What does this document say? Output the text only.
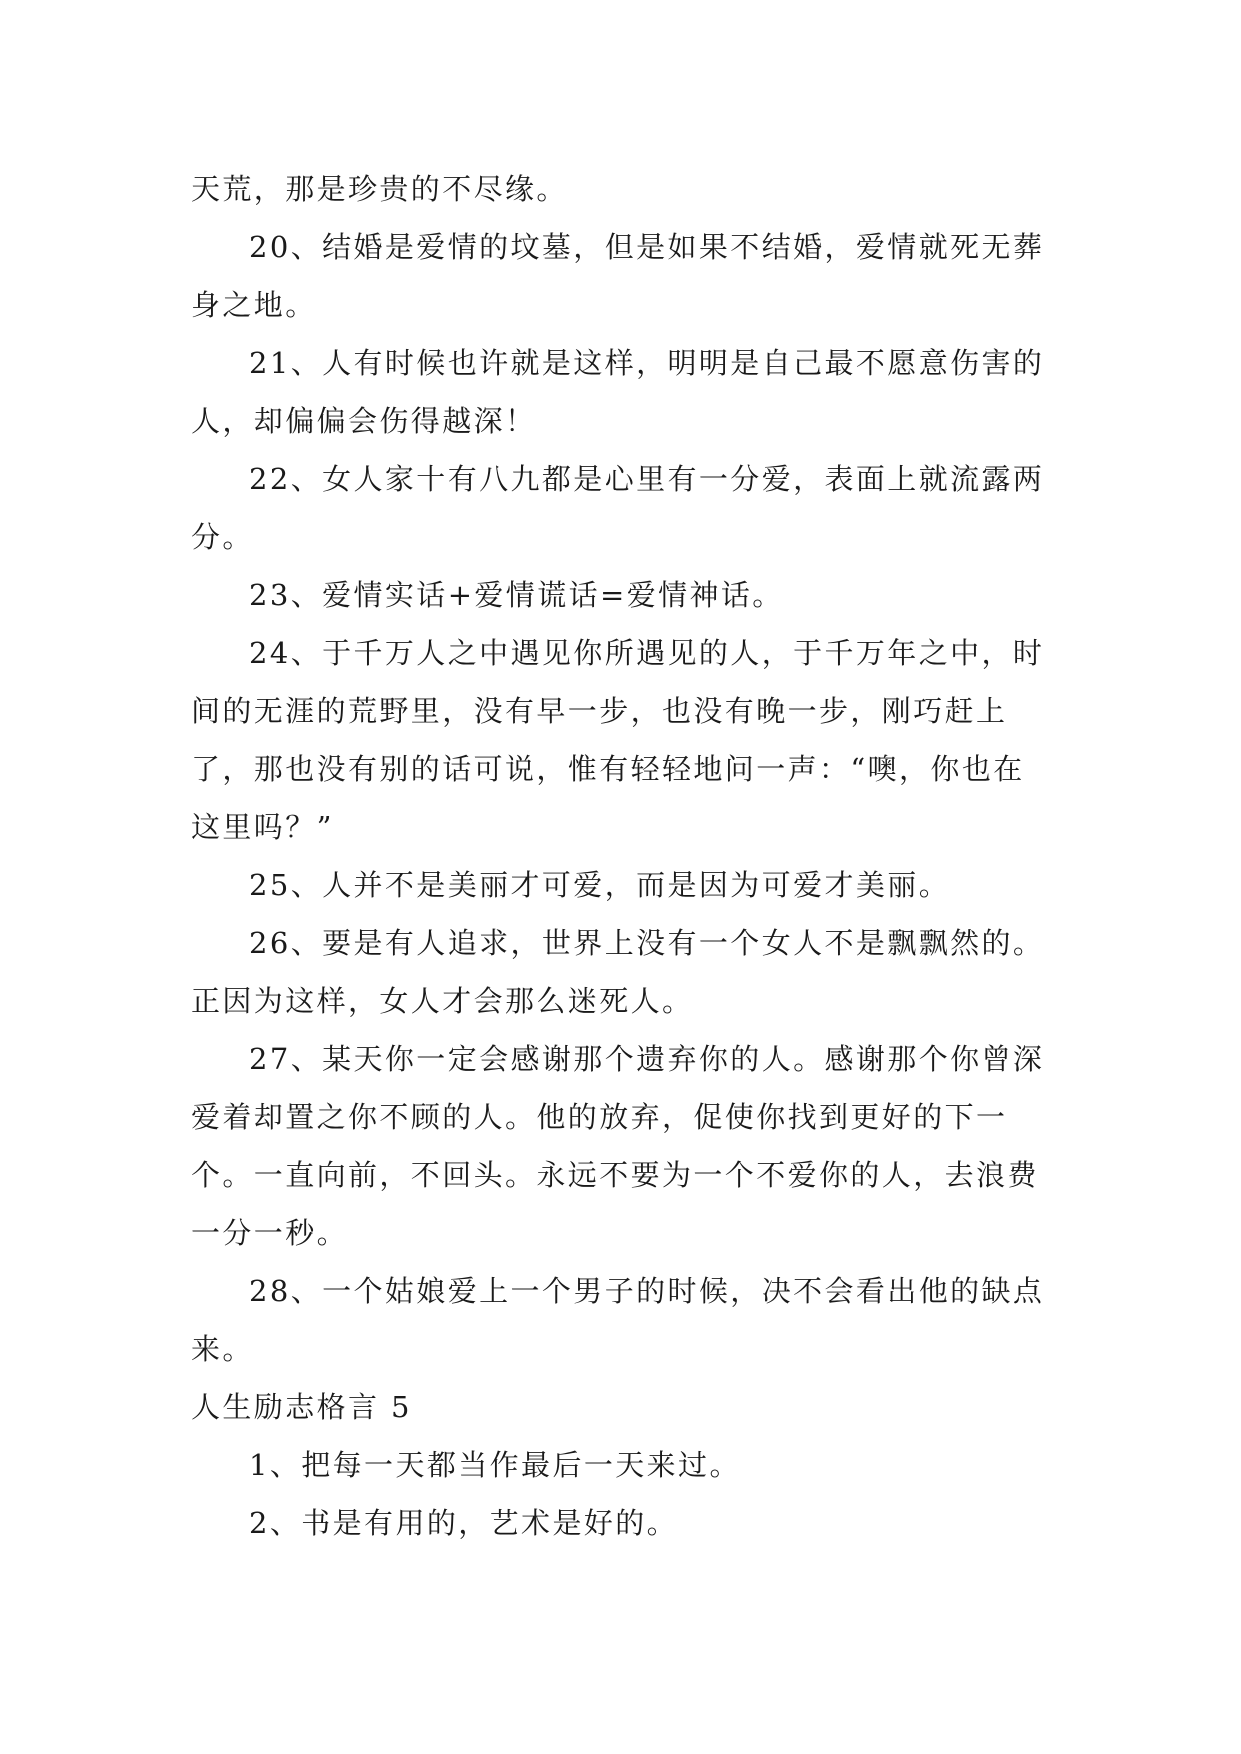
天荒，那是珍贵的不尽缘。

20、结婚是爱情的坟墓，但是如果不结婚，爱情就死无葬身之地。

21、人有时候也许就是这样，明明是自己最不愿意伤害的人，却偏偏会伤得越深！

22、女人家十有八九都是心里有一分爱，表面上就流露两分。

23、爱情实话+爱情谎话=爱情神话。

24、于千万人之中遇见你所遇见的人，于千万年之中，时间的无涯的荒野里，没有早一步，也没有晚一步，刚巧赶上了，那也没有别的话可说，惟有轻轻地问一声：“噢，你也在这里吗？”

25、人并不是美丽才可爱，而是因为可爱才美丽。

26、要是有人追求，世界上没有一个女人不是飘飘然的。正因为这样，女人才会那么迷死人。

27、某天你一定会感谢那个遗弃你的人。感谢那个你曾深爱着却置之你不顾的人。他的放弃，促使你找到更好的下一个。一直向前，不回头。永远不要为一个不爱你的人，去浪费一分一秒。

28、一个姑娘爱上一个男子的时候，决不会看出他的缺点来。

人生励志格言 5

1、把每一天都当作最后一天来过。

2、书是有用的，艺术是好的。
